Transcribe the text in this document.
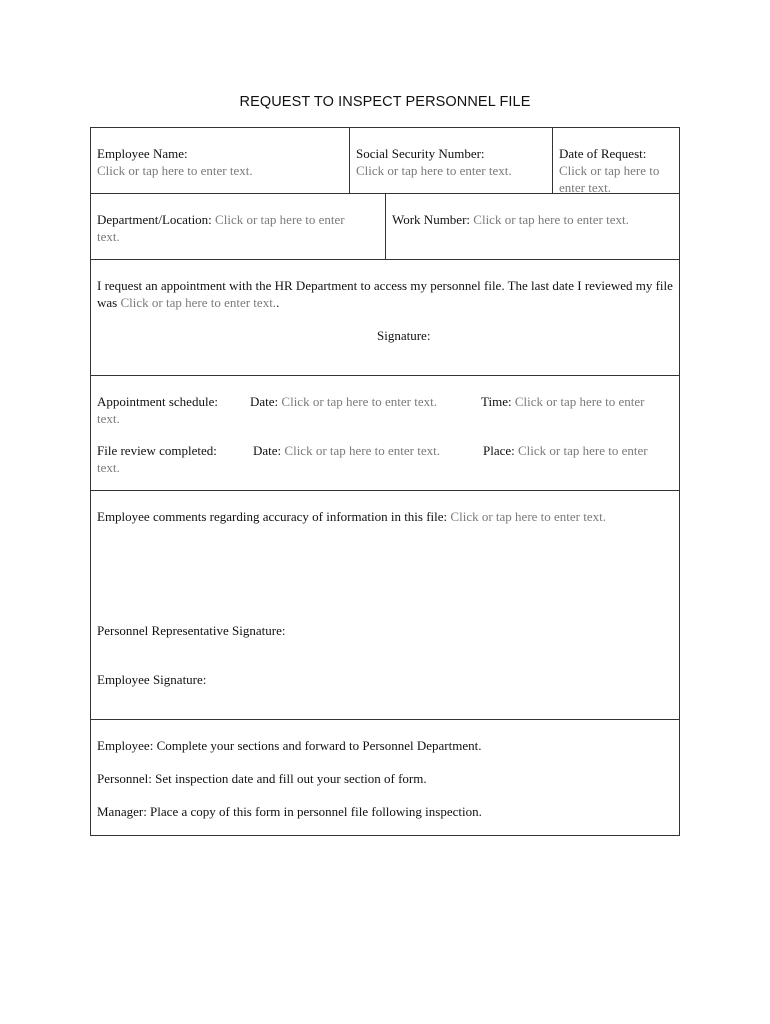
REQUEST TO INSPECT PERSONNEL FILE
Employee Name:
Click or tap here to enter text.
Social Security Number:
Click or tap here to enter text.
Date of Request:
Click or tap here to enter text.
Department/Location: Click or tap here to enter text.
Work Number: Click or tap here to enter text.
I request an appointment with the HR Department to access my personnel file. The last date I reviewed my file was Click or tap here to enter text..
Signature:
Appointment schedule: Date: Click or tap here to enter text.	Time: Click or tap here to enter text.
File review completed:	Date: Click or tap here to enter text.	Place: Click or tap here to enter text.
Employee comments regarding accuracy of information in this file: Click or tap here to enter text.
Personnel Representative Signature:
Employee Signature:
Employee: Complete your sections and forward to Personnel Department.
Personnel: Set inspection date and fill out your section of form.
Manager: Place a copy of this form in personnel file following inspection.
